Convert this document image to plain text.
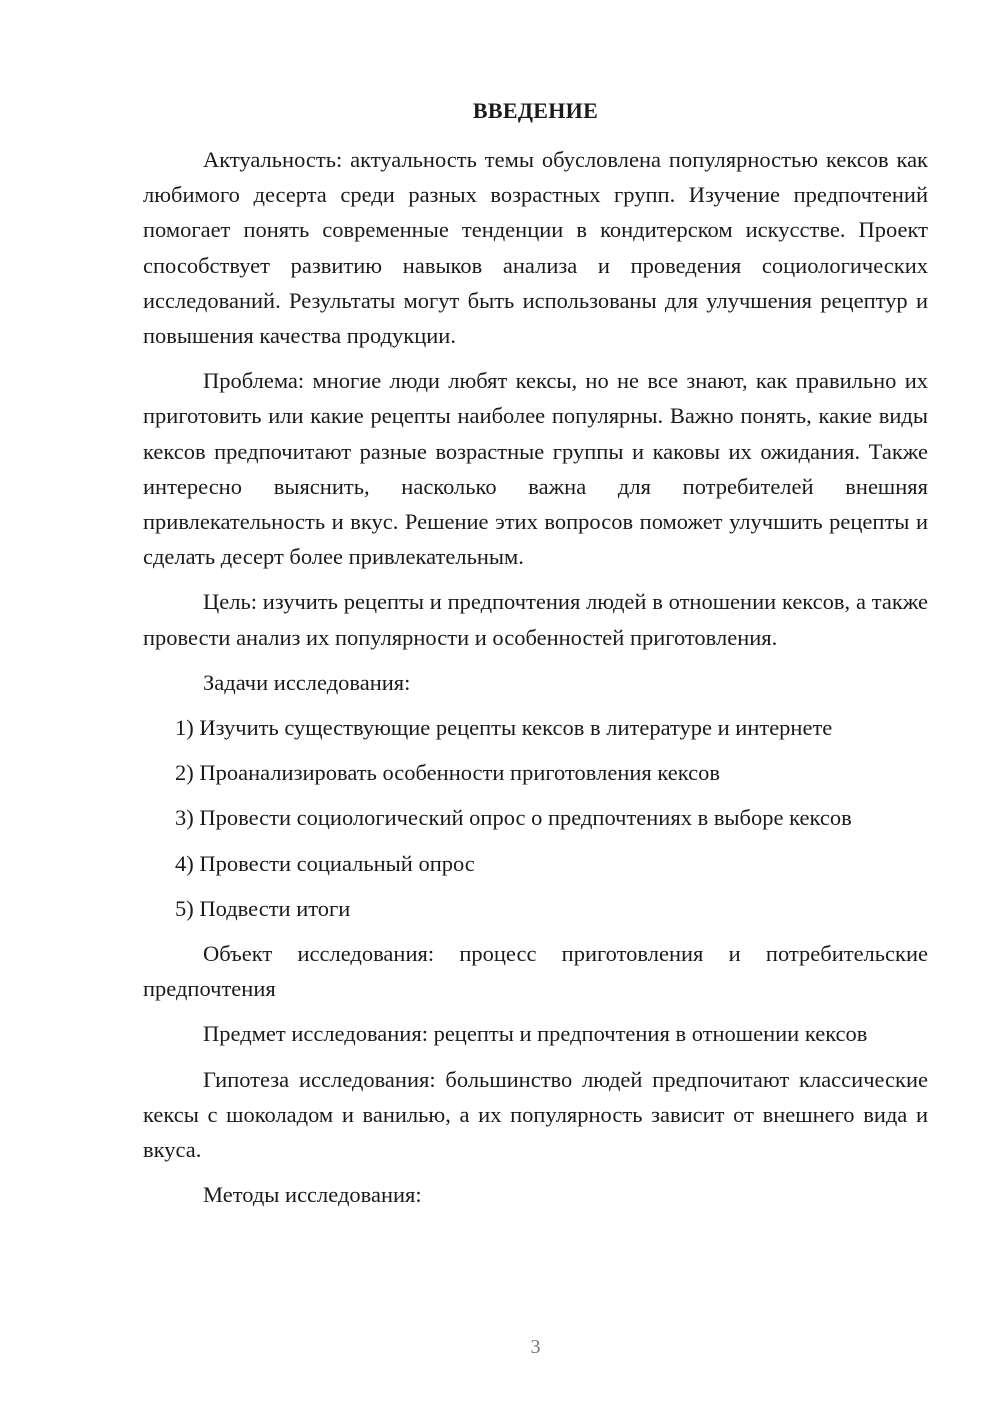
ВВЕДЕНИЕ

Актуальность: актуальность темы обусловлена популярностью кексов как любимого десерта среди разных возрастных групп. Изучение предпочтений помогает понять современные тенденции в кондитерском искусстве. Проект способствует развитию навыков анализа и проведения социологических исследований. Результаты могут быть использованы для улучшения рецептур и повышения качества продукции.

Проблема: многие люди любят кексы, но не все знают, как правильно их приготовить или какие рецепты наиболее популярны. Важно понять, какие виды кексов предпочитают разные возрастные группы и каковы их ожидания. Также интересно выяснить, насколько важна для потребителей внешняя привлекательность и вкус. Решение этих вопросов поможет улучшить рецепты и сделать десерт более привлекательным.

Цель: изучить рецепты и предпочтения людей в отношении кексов, а также провести анализ их популярности и особенностей приготовления.

Задачи исследования:

1) Изучить существующие рецепты кексов в литературе и интернете

2) Проанализировать особенности приготовления кексов

3) Провести социологический опрос о предпочтениях в выборе кексов

4) Провести социальный опрос

5) Подвести итоги

Объект исследования: процесс приготовления и потребительские предпочтения

Предмет исследования: рецепты и предпочтения в отношении кексов

Гипотеза исследования: большинство людей предпочитают классические кексы с шоколадом и ванилью, а их популярность зависит от внешнего вида и вкуса.

Методы исследования:

3
